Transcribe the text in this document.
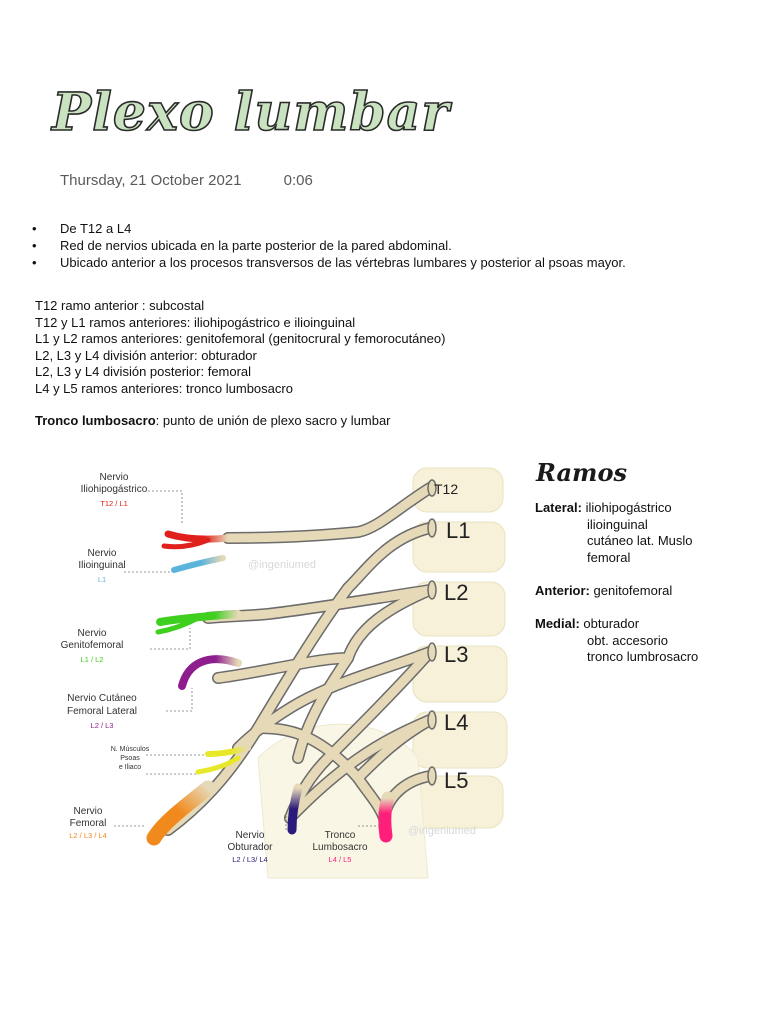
Plexo lumbar
Thursday, 21 October 2021	0:06
• De T12 a L4
• Red de nervios ubicada en la parte posterior de la pared abdominal.
• Ubicado anterior a los procesos transversos de las vértebras lumbares y posterior al psoas mayor.
T12 ramo anterior : subcostal
T12 y L1 ramos anteriores: iliohipogástrico e ilioinguinal
L1 y L2 ramos anteriores: genitofemoral (genitocrural y femorocutáneo)
L2, L3 y L4 división anterior: obturador
L2, L3 y L4 división posterior: femoral
L4 y L5 ramos anteriores: tronco lumbosacro
Tronco lumbosacro: punto de unión de plexo sacro y lumbar
@ingeniumed
@ingeniumed
T12
L1
L2
L3
L4
L5
Nervio
Iliohipogástrico
T12 / L1
Nervio
Ilioinguinal
L1
Nervio
Genitofemoral
L1 / L2
Nervio Cutáneo
Femoral Lateral
L2 / L3
N. Músculos
Psoas
e Iliaco
Nervio
Femoral
L2 / L3 / L4	Nervio
Obturador
L2 / L3/ L4
Tronco
Lumbosacro
L4 / L5
Ramos
Lateral: iliohipogástrico
ilioinguinal
cutáneo lat. Muslo
femoral
Anterior: genitofemoral
Medial: obturador
obt. accesorio
tronco lumbrosacro
